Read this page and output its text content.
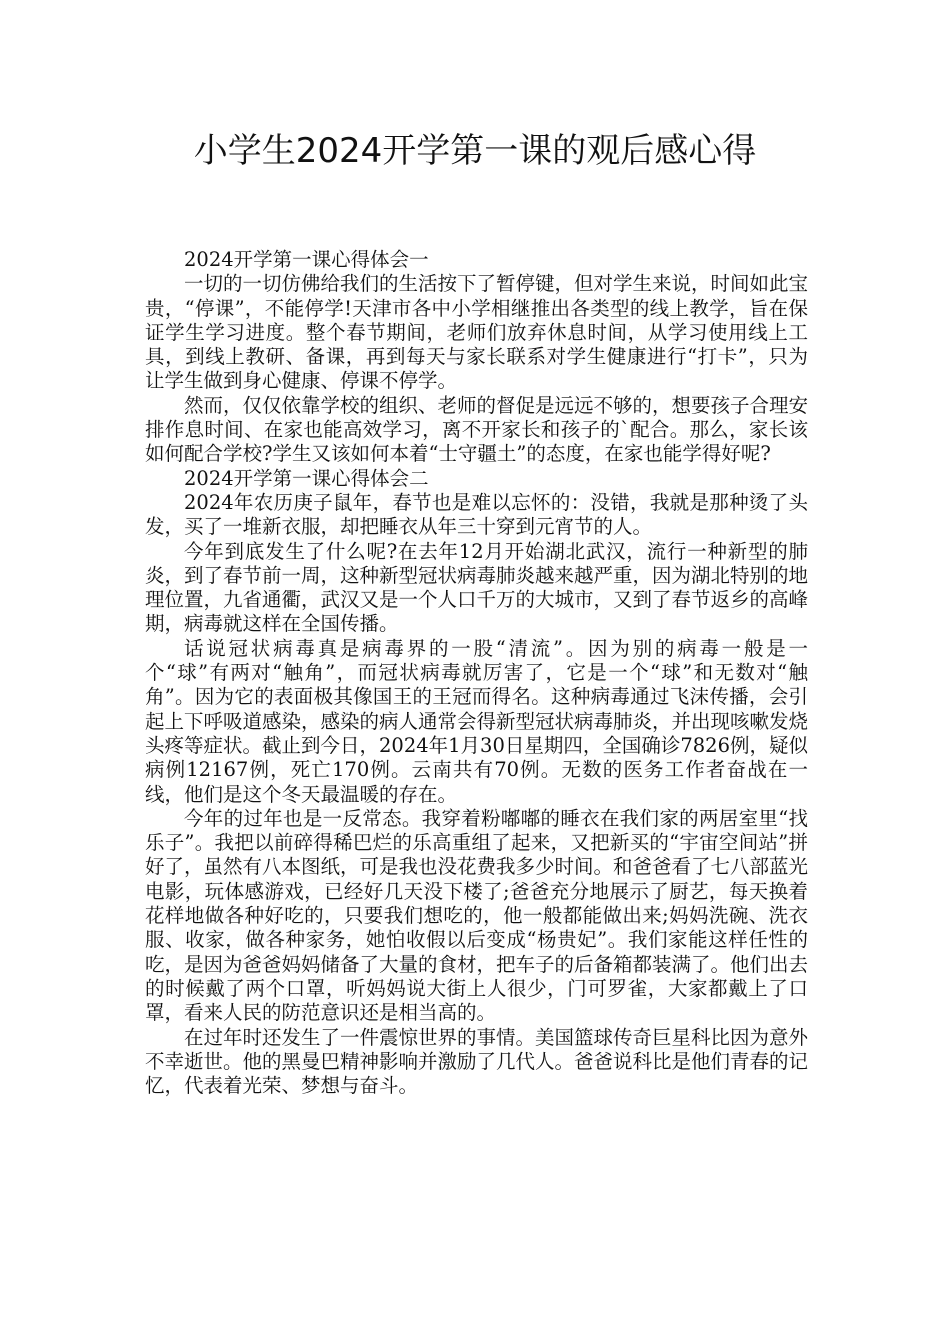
小学生2024开学第一课的观后感心得

2024开学第一课心得体会一

一切的一切仿佛给我们的生活按下了暂停键，但对学生来说，时间如此宝贵，“停课”，不能停学!天津市各中小学相继推出各类型的线上教学，旨在保证学生学习进度。整个春节期间，老师们放弃休息时间，从学习使用线上工具，到线上教研、备课，再到每天与家长联系对学生健康进行“打卡”，只为让学生做到身心健康、停课不停学。

然而，仅仅依靠学校的组织、老师的督促是远远不够的，想要孩子合理安排作息时间、在家也能高效学习，离不开家长和孩子的`配合。那么，家长该如何配合学校?学生又该如何本着“士守疆土”的态度，在家也能学得好呢?

2024开学第一课心得体会二

2024年农历庚子鼠年，春节也是难以忘怀的：没错，我就是那种烫了头发，买了一堆新衣服，却把睡衣从年三十穿到元宵节的人。

今年到底发生了什么呢?在去年12月开始湖北武汉，流行一种新型的肺炎，到了春节前一周，这种新型冠状病毒肺炎越来越严重，因为湖北特别的地理位置，九省通衢，武汉又是一个人口千万的大城市，又到了春节返乡的高峰期，病毒就这样在全国传播。

话说冠状病毒真是病毒界的一股“清流”。因为别的病毒一般是一个“球”有两对“触角”，而冠状病毒就厉害了，它是一个“球”和无数对“触角”。因为它的表面极其像国王的王冠而得名。这种病毒通过飞沫传播，会引起上下呼吸道感染，感染的病人通常会得新型冠状病毒肺炎，并出现咳嗽发烧头疼等症状。截止到今日，2024年1月30日星期四，全国确诊7826例，疑似病例12167例，死亡170例。云南共有70例。无数的医务工作者奋战在一线，他们是这个冬天最温暖的存在。

今年的过年也是一反常态。我穿着粉嘟嘟的睡衣在我们家的两居室里“找乐子”。我把以前碎得稀巴烂的乐高重组了起来，又把新买的“宇宙空间站”拼好了，虽然有八本图纸，可是我也没花费我多少时间。和爸爸看了七八部蓝光电影，玩体感游戏，已经好几天没下楼了;爸爸充分地展示了厨艺，每天换着花样地做各种好吃的，只要我们想吃的，他一般都能做出来;妈妈洗碗、洗衣服、收家，做各种家务，她怕收假以后变成“杨贵妃”。我们家能这样任性的吃，是因为爸爸妈妈储备了大量的食材，把车子的后备箱都装满了。他们出去的时候戴了两个口罩，听妈妈说大街上人很少，门可罗雀，大家都戴上了口罩，看来人民的防范意识还是相当高的。

在过年时还发生了一件震惊世界的事情。美国篮球传奇巨星科比因为意外不幸逝世。他的黑曼巴精神影响并激励了几代人。爸爸说科比是他们青春的记忆，代表着光荣、梦想与奋斗。
